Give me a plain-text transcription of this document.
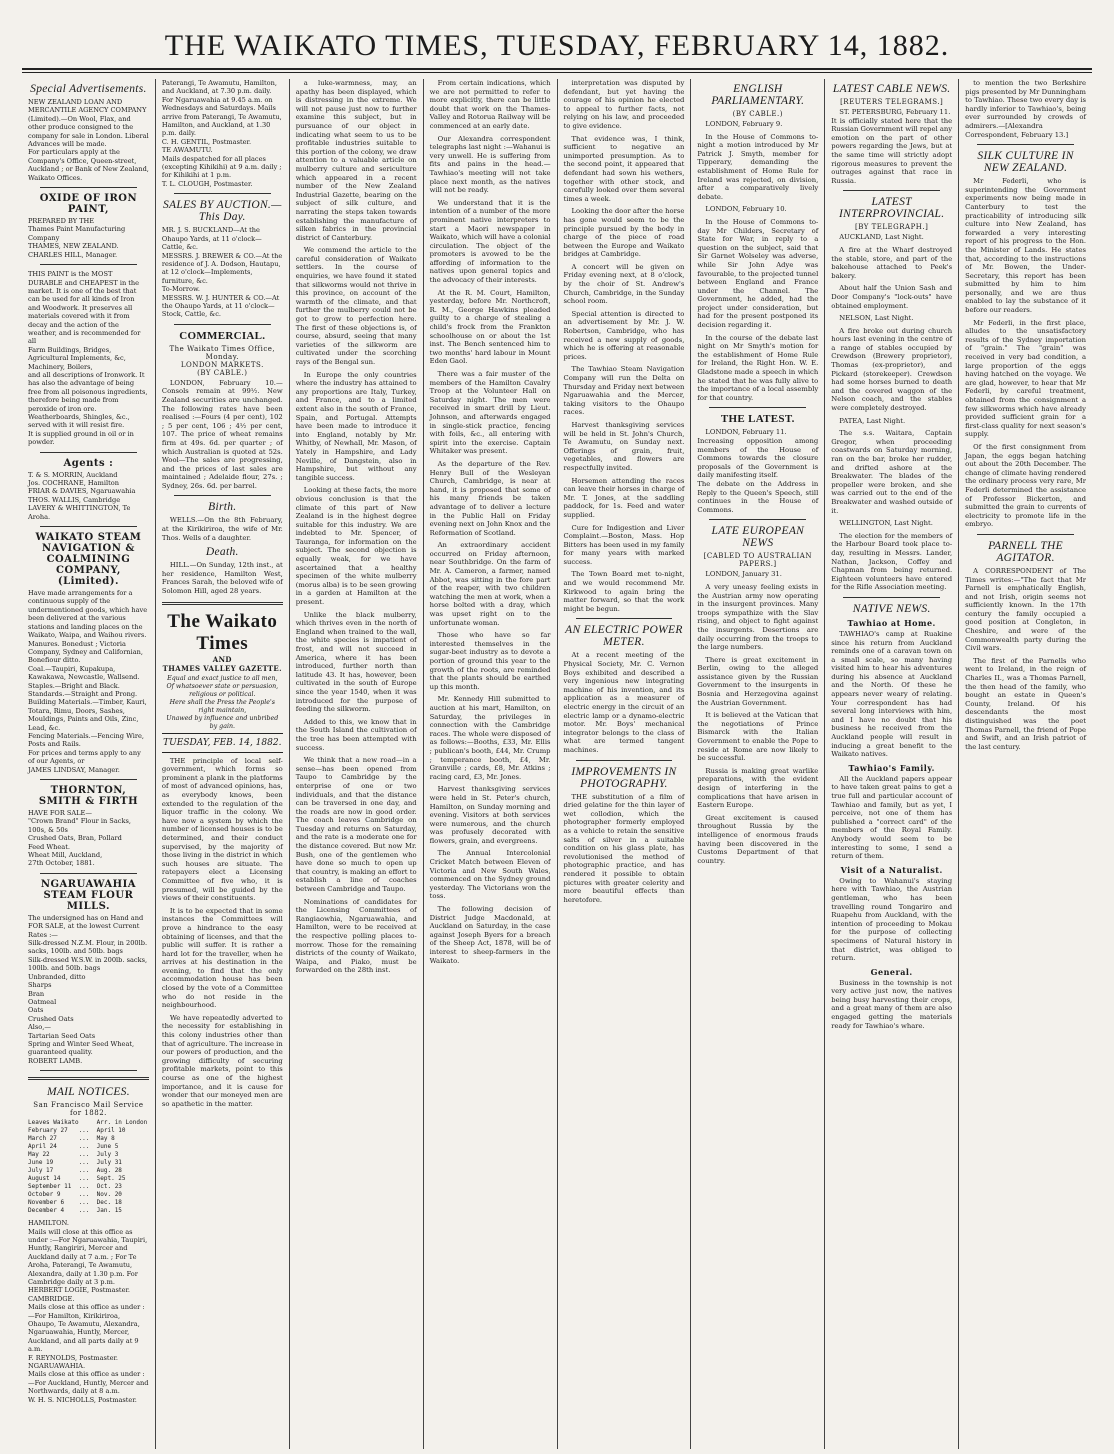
THE WAIKATO TIMES, TUESDAY, FEBRUARY 14, 1882.
Special Advertisements.
NEW ZEALAND LOAN AND MERCANTILE AGENCY COMPANY (Limited).—On Wool, Flax, and other produce consigned to the company for sale in London. Liberal Advances will be made.
For particulars apply at the Company's Office, Queen-street, Auckland ; or Bank of New Zealand, Waikato Offices.
OXIDE OF IRON PAINT,
PREPARED BY THE
Thames Paint Manufacturing Company
THAMES, NEW ZEALAND.
CHARLES HILL, Manager.
THIS PAINT is the MOST DURABLE and CHEAPEST in the market. It is one of the best that can be used for all kinds of Iron and Woodwork. It preserves all materials covered with it from decay and the action of the weather, and is recommended for all
Farm Buildings, Bridges, Agricultural Implements, &c, Machinery, Boilers,
and all descriptions of Ironwork. It has also the advantage of being free from all poisonous ingredients, therefore being made from peroxide of iron ore.
Weatherboards, Shingles, &c., served with it will resist fire.
It is supplied ground in oil or in powder.
Agents :
T. & S. MORRIN, Auckland
Jos. COCHRANE, Hamilton
FRIAR & DAVIES, Ngaruawahia
THOS. WALLIS, Cambridge
LAVERY & WHITTINGTON, Te Aroha.
WAIKATO STEAM NAVIGATION & COALMINING COMPANY, (Limited).
Have made arrangements for a continuous supply of the undermentioned goods, which have been delivered at the various stations and landing places on the Waikato, Waipa, and Waihou rivers.
Manures. Bonedust ; Victoria Company, Sydney and Californian, Bonefiour ditto.
Coal.—Taupiri, Kupakupa, Kawakawa, Newcastle, Wallsend.
Staples.—Bright and Black.
Standards.—Straight and Prong.
Building Materials.—Timber, Kauri, Totara, Rimu, Doors, Sashes, Mouldings, Paints and Oils, Zinc, Lead, &c.
Fencing Materials.—Fencing Wire, Posts and Rails.
For prices and terms apply to any of our Agents, or
JAMES LINDSAY, Manager.
THORNTON, SMITH & FIRTH
HAVE FOR SALE—
"Crown Brand" Flour in Sacks, 100s, & 50s
Crushed Oats, Bran, Pollard
Feed Wheat.
Wheat Mill, Auckland,
27th October, 1881.
NGARUAWAHIA STEAM FLOUR MILLS.
The undersigned has on Hand and FOR SALE, at the lowest Current Rates :—
Silk-dressed N.Z.M. Flour, in 200lb. sacks, 100lb. and 50lb. bags
Silk-dressed W.S.W. in 200lb. sacks, 100lb. and 50lb. bags
Unbranded, ditto
Sharps
Bran
Oatmeal
Oats
Crushed Oats
Also,—
Tartarian Seed Oats
Spring and Winter Seed Wheat, guaranteed quality.
ROBERT LAMB.
MAIL NOTICES.
San Francisco Mail Service for 1882.
Leaves Waikato     Arr. in London
February 27   ...  April 10
March 27      ...  May 8
April 24      ...  June 5
May 22        ...  July 3
June 19       ...  July 31
July 17       ...  Aug. 28
August 14     ...  Sept. 25
September 11  ...  Oct. 23
October 9     ...  Nov. 20
November 6    ...  Dec. 18
December 4    ...  Jan. 15
HAMILTON.
Mails will close at this office as under :—For Ngaruawahia, Taupiri, Huntly, Rangiriri, Mercer and Auckland daily at 7 a.m. ; For Te Aroha, Paterangi, Te Awamutu, Alexandra, daily at 1.30 p.m. For Cambridge daily at 3 p.m.
HERBERT LOGIE, Postmaster.
CAMBRIDGE.
Mails close at this office as under :—For Hamilton, Kirikiriroa, Ohaupo, Te Awamutu, Alexandra, Ngaruawahia, Huntly, Mercer, Auckland, and all parts daily at 9 a.m.
F. REYNOLDS, Postmaster.
NGARUAWAHIA.
Mails close at this office as under :—For Auckland, Huntly, Mercer and Northwards, daily at 8 a.m.
W. H. S. NICHOLLS, Postmaster.
Paterangi, Te Awamutu, Hamilton, and Auckland, at 7.30 p.m. daily. For Ngaruawahia at 9.45 a.m. on Wednesdays and Saturdays. Mails arrive from Paterangi, Te Awamutu, Hamilton, and Auckland, at 1.30 p.m. daily.
C. H. GENTIL, Postmaster.
TE AWAMUTU.
Mails despatched for all places (excepting Kihikihi) at 9 a.m. daily ; for Kihikihi at 1 p.m.
T. L. CLOUGH, Postmaster.
SALES BY AUCTION.—This Day.
MR. J. S. BUCKLAND—At the Ohaupo Yards, at 11 o'clock—Cattle, &c.
MESSRS. J. BREWER & CO.—At the residence of J. A. Dodson, Hautapu, at 12 o'clock—Implements, furniture, &c.
To-Morrow.
MESSRS. W. J. HUNTER & CO.—At the Ohaupo Yards, at 11 o'clock—Stock, Cattle, &c.
COMMERCIAL.
The Waikato Times Office, Monday.
LONDON MARKETS.
(BY CABLE.)
LONDON, February 10.—Consols remain at 99½. New Zealand securities are unchanged. The following rates have been realised :—Fours (4 per cent), 102 ; 5 per cent, 106 ; 4½ per cent, 107. The price of wheat remains firm at 49s. 6d. per quarter ; of which Australian is quoted at 52s. Wool—The sales are progressing, and the prices of last sales are maintained ; Adelaide flour, 27s. ; Sydney, 26s. 6d. per barrel.
Birth.
WELLS.—On the 8th February, at the Kirikiriroa, the wife of Mr. Thos. Wells of a daughter.
Death.
HILL.—On Sunday, 12th inst., at her residence, Hamilton West, Frances Sarah, the beloved wife of Solomon Hill, aged 28 years.
The Waikato Times
AND
THAMES VALLEY GAZETTE.
Equal and exact justice to all men,
Of whatsoever state or persuasion, religious or political.
Here shall the Press the People's right maintain,
Unawed by influence and unbribed by gain.
TUESDAY, FEB. 14, 1882.
THE principle of local self-government, which forms so prominent a plank in the platforms of most of advanced opinions, has, as everybody knows, been extended to the regulation of the liquor traffic in the colony. We have now a system by which the number of licensed houses is to be determined, and their conduct supervised, by the majority of those living in the district in which such houses are situate. The ratepayers elect a Licensing Committee of five who, it is presumed, will be guided by the views of their constituents.
It is to be expected that in some instances the Committees will prove a hindrance to the easy obtaining of licenses, and that the public will suffer. It is rather a hard lot for the traveller, when he arrives at his destination in the evening, to find that the only accommodation house has been closed by the vote of a Committee who do not reside in the neighbourhood.
We have repeatedly adverted to the necessity for establishing in this colony industries other than that of agriculture. The increase in our powers of production, and the growing difficulty of securing profitable markets, point to this course as one of the highest importance, and it is cause for wonder that our moneyed men are so apathetic in the matter.
a luke-warmness, may, an apathy has been displayed, which is distressing in the extreme. We will not pause just now to further examine this subject, but in pursuance of our object in indicating what seem to us to be profitable industries suitable to this portion of the colony, we draw attention to a valuable article on mulberry culture and sericulture which appeared in a recent number of the New Zealand Industrial Gazette, bearing on the subject of silk culture, and narrating the steps taken towards establishing the manufacture of silken fabrics in the provincial district of Canterbury.
We commend the article to the careful consideration of Waikato settlers. In the course of enquiries, we have found it stated that silkworms would not thrive in this province, on account of the warmth of the climate, and that further the mulberry could not be got to grow to perfection here. The first of these objections is, of course, absurd, seeing that many varieties of the silkworm are cultivated under the scorching rays of the Bengal sun.
In Europe the only countries where the industry has attained to any proportions are Italy, Turkey, and France, and to a limited extent also in the south of France, Spain, and Portugal. Attempts have been made to introduce it into England, notably by Mr. Whitby, of Newhall, Mr. Mason, of Yately in Hampshire, and Lady Neville, of Dangstein, also in Hampshire, but without any tangible success.
Looking at these facts, the more obvious conclusion is that the climate of this part of New Zealand is in the highest degree suitable for this industry. We are indebted to Mr. Spencer, of Tauranga, for information on the subject. The second objection is equally weak, for we have ascertained that a healthy specimen of the white mulberry (morus alba) is to be seen growing in a garden at Hamilton at the present.
Unlike the black mulberry, which thrives even in the north of England when trained to the wall, the white species is impatient of frost, and will not succeed in America, where it has been introduced, further north than latitude 43. It has, however, been cultivated in the south of Europe since the year 1540, when it was introduced for the purpose of feeding the silkworm.
Added to this, we know that in the South Island the cultivation of the tree has been attempted with success.
We think that a new road—in a sense—has been opened from Taupo to Cambridge by the enterprise of one or two individuals, and that the distance can be traversed in one day, and the roads are now in good order. The coach leaves Cambridge on Tuesday and returns on Saturday, and the rate is a moderate one for the distance covered. But now Mr. Bush, one of the gentlemen who have done so much to open up that country, is making an effort to establish a line of coaches between Cambridge and Taupo.
Nominations of candidates for the Licensing Committees of Rangiaowhia, Ngaruawahia, and Hamilton, were to be received at the respective polling places to-morrow. Those for the remaining districts of the county of Waikato, Waipa, and Piako, must be forwarded on the 28th inst.
From certain indications, which we are not permitted to refer to more explicitly, there can be little doubt that work on the Thames-Valley and Rotorua Railway will be commenced at an early date.
Our Alexandra correspondent telegraphs last night :—Wahanui is very unwell. He is suffering from fits and pains in the head.—Tawhiao's meeting will not take place next month, as the natives will not be ready.
We understand that it is the intention of a number of the more prominent native interpreters to start a Maori newspaper in Waikato, which will have a colonial circulation. The object of the promoters is avowed to be the affording of information to the natives upon general topics and the advocacy of their interests.
At the R. M. Court, Hamilton, yesterday, before Mr. Northcroft, R. M., George Hawkins pleaded guilty to a charge of stealing a child's frock from the Frankton schoolhouse on or about the 1st inst. The Bench sentenced him to two months' hard labour in Mount Eden Gaol.
There was a fair muster of the members of the Hamilton Cavalry Troop at the Volunteer Hall on Saturday night. The men were received in smart drill by Lieut. Johnson, and afterwards engaged in single-stick practice, fencing with foils, &c., all entering with spirit into the exercise. Captain Whitaker was present.
As the departure of the Rev. Henry Bull of the Wesleyan Church, Cambridge, is near at hand, it is proposed that some of his many friends be taken advantage of to deliver a lecture in the Public Hall on Friday evening next on John Knox and the Reformation of Scotland.
An extraordinary accident occurred on Friday afternoon, near Southbridge. On the farm of Mr. A. Cameron, a farmer, named Abbot, was sitting in the fore part of the reaper, with two children watching the men at work, when a horse bolted with a dray, which was upset right on to the unfortunate woman.
Those who have so far interested themselves in the sugar-beet industry as to devote a portion of ground this year to the growth of the roots, are reminded that the plants should be earthed up this month.
Mr. Kennedy Hill submitted to auction at his mart, Hamilton, on Saturday, the privileges in connection with the Cambridge races. The whole were disposed of as follows:—Booths, £33, Mr. Ellis ; publican's booth, £44, Mr. Crump ; temperance booth, £4, Mr. Granville ; cards, £8, Mr. Atkins ; racing card, £3, Mr. Jones.
Harvest thanksgiving services were held in St. Peter's church, Hamilton, on Sunday morning and evening. Visitors at both services were numerous, and the church was profusely decorated with flowers, grain, and evergreens.
The Annual Intercolonial Cricket Match between Eleven of Victoria and New South Wales, commenced on the Sydney ground yesterday. The Victorians won the toss.
The following decision of District Judge Macdonald, at Auckland on Saturday, in the case against Joseph Byers for a breach of the Sheep Act, 1878, will be of interest to sheep-farmers in the Waikato.
interpretation was disputed by defendant, but yet having the courage of his opinion he elected to appeal to further facts, not relying on his law, and proceeded to give evidence.
That evidence was, I think, sufficient to negative an unimported presumption. As to the second point, it appeared that defendant had sown his wethers, together with other stock, and carefully looked over them several times a week.
Looking the door after the horse has gone would seem to be the principle pursued by the body in charge of the piece of road between the Europe and Waikato bridges at Cambridge.
A concert will be given on Friday evening next, at 8 o'clock, by the choir of St. Andrew's Church, Cambridge, in the Sunday school room.
Special attention is directed to an advertisement by Mr. J. W. Robertson, Cambridge, who has received a new supply of goods, which he is offering at reasonable prices.
The Tawhiao Steam Navigation Company will run the Delta on Thursday and Friday next between Ngaruawahia and the Mercer, taking visitors to the Ohaupo races.
Harvest thanksgiving services will be held in St. John's Church, Te Awamutu, on Sunday next. Offerings of grain, fruit, vegetables, and flowers are respectfully invited.
Horsemen attending the races can leave their horses in charge of Mr. T. Jones, at the saddling paddock, for 1s. Feed and water supplied.
Cure for Indigestion and Liver Complaint.—Boston, Mass. Hop Bitters has been used in my family for many years with marked success.
The Town Board met to-night, and we would recommend Mr. Kirkwood to again bring the matter forward, so that the work might be begun.
AN ELECTRIC POWER METER.
At a recent meeting of the Physical Society, Mr. C. Vernon Boys exhibited and described a very ingenious new integrating machine of his invention, and its application as a measurer of electric energy in the circuit of an electric lamp or a dynamo-electric motor. Mr. Boys' mechanical integrator belongs to the class of what are termed tangent machines.
IMPROVEMENTS IN PHOTOGRAPHY.
THE substitution of a film of dried gelatine for the thin layer of wet collodion, which the photographer formerly employed as a vehicle to retain the sensitive salts of silver in a suitable condition on his glass plate, has revolutionised the method of photographic practice, and has rendered it possible to obtain pictures with greater celerity and more beautiful effects than heretofore.
ENGLISH PARLIAMENTARY.
(BY CABLE.)
LONDON, February 9.
In the House of Commons to-night a motion introduced by Mr Patrick J. Smyth, member for Tipperary, demanding the establishment of Home Rule for Ireland was rejected, on division, after a comparatively lively debate.
LONDON, February 10.
In the House of Commons to-day Mr Childers, Secretary of State for War, in reply to a question on the subject, said that Sir Garnet Wolseley was adverse, while Sir John Adye was favourable, to the projected tunnel between England and France under the Channel. The Government, he added, had the project under consideration, but had for the present postponed its decision regarding it.
In the course of the debate last night on Mr Smyth's motion for the establishment of Home Rule for Ireland, the Right Hon. W. E. Gladstone made a speech in which he stated that he was fully alive to the importance of a local assembly for that country.
THE LATEST.
LONDON, February 11.
Increasing opposition among members of the House of Commons towards the closure proposals of the Government is daily manifesting itself.
The debate on the Address in Reply to the Queen's Speech, still continues in the House of Commons.
LATE EUROPEAN NEWS
[CABLED TO AUSTRALIAN PAPERS.]
LONDON, January 31.
A very uneasy feeling exists in the Austrian army now operating in the insurgent provinces. Many troops sympathize with the Slav rising, and object to fight against the insurgents. Desertions are daily occurring from the troops to the large numbers.
There is great excitement in Berlin, owing to the alleged assistance given by the Russian Government to the insurgents in Bosnia and Herzegovina against the Austrian Government.
It is believed at the Vatican that the negotiations of Prince Bismarck with the Italian Government to enable the Pope to reside at Rome are now likely to be successful.
Russia is making great warlike preparations, with the evident design of interfering in the complications that have arisen in Eastern Europe.
Great excitement is caused throughout Russia by the intelligence of enormous frauds having been discovered in the Customs Department of that country.
LATEST CABLE NEWS.
[REUTERS TELEGRAMS.]
ST. PETERSBURG, February 11.
It is officially stated here that the Russian Government will repel any emotion on the part of other powers regarding the Jews, but at the same time will strictly adopt rigorous measures to prevent the outrages against that race in Russia.
LATEST INTERPROVINCIAL.
[BY TELEGRAPH.]
AUCKLAND, Last Night.
A fire at the Wharf destroyed the stable, store, and part of the bakehouse attached to Peek's bakery.
About half the Union Sash and Door Company's "lock-outs" have obtained employment.
NELSON, Last Night.
A fire broke out during church hours last evening in the centre of a range of stables occupied by Crewdson (Brewery proprietor), Thomas (ex-proprietor), and Pickard (storekeeper). Crewdson had some horses burned to death and the covered waggon of the Nelson coach, and the stables were completely destroyed.
PATEA, Last Night.
The s.s. Waitara, Captain Gregor, when proceeding coastwards on Saturday morning, ran on the bar, broke her rudder, and drifted ashore at the Breakwater. The blades of the propeller were broken, and she was carried out to the end of the Breakwater and washed outside of it.
WELLINGTON, Last Night.
The election for the members of the Harbour Board took place to-day, resulting in Messrs. Lander, Nathan, Jackson, Coffey and Chapman from being returned. Eighteen volunteers have entered for the Rifle Association meeting.
NATIVE NEWS.
Tawhiao at Home.
TAWHIAO's camp at Ruakine since his return from Auckland reminds one of a caravan town on a small scale, so many having visited him to hear his adventures during his absence at Auckland and the North. Of these he appears never weary of relating. Your correspondent has had several long interviews with him, and I have no doubt that his business he received from the Auckland people will result in inducing a great benefit to the Waikato natives.
Tawhiao's Family.
All the Auckland papers appear to have taken great pains to get a true full and particular account of Tawhiao and family, but as yet, I perceive, not one of them has published a "correct card" of the members of the Royal Family. Anybody would seem to be interesting to some, I send a return of them.
Visit of a Naturalist.
Owing to Wahanui's staying here with Tawhiao, the Austrian gentleman, who has been travelling round Tongariro and Ruapehu from Auckland, with the intention of proceeding to Mokau for the purpose of collecting specimens of Natural history in that district, was obliged to return.
General.
Business in the township is not very active just now, the natives being busy harvesting their crops, and a great many of them are also engaged getting the materials ready for Tawhiao's whare.
to mention the two Berkshire pigs presented by Mr Dunningham to Tawhiao. These two every day is hardly inferior to Tawhiao's, being ever surrounded by crowds of admirers.—[Alexandra Correspondent, February 13.]
SILK CULTURE IN NEW ZEALAND.
Mr Federli, who is superintending the Government experiments now being made in Canterbury to test the practicability of introducing silk culture into New Zealand, has forwarded a very interesting report of his progress to the Hon. the Minister of Lands. He states that, according to the instructions of Mr. Bowen, the Under-Secretary, this report has been submitted by him to him personally, and we are thus enabled to lay the substance of it before our readers.
Mr Federli, in the first place, alludes to the unsatisfactory results of the Sydney importation of "grain." The "grain" was received in very bad condition, a large proportion of the eggs having hatched on the voyage. We are glad, however, to hear that Mr Federli, by careful treatment, obtained from the consignment a few silkworms which have already provided sufficient grain for a first-class quality for next season's supply.
Of the first consignment from Japan, the eggs began hatching out about the 20th December. The change of climate having rendered the ordinary process very rare, Mr Federli determined the assistance of Professor Bickerton, and submitted the grain to currents of electricity to promote life in the embryo.
PARNELL THE AGITATOR.
A CORRESPONDENT of The Times writes:—"The fact that Mr Parnell is emphatically English, and not Irish, origin seems not sufficiently known. In the 17th century the family occupied a good position at Congleton, in Cheshire, and were of the Commonwealth party during the Civil wars.
The first of the Parnells who went to Ireland, in the reign of Charles II., was a Thomas Parnell, the then head of the family, who bought an estate in Queen's County, Ireland. Of his descendants the most distinguished was the poet Thomas Parnell, the friend of Pope and Swift, and an Irish patriot of the last century.
